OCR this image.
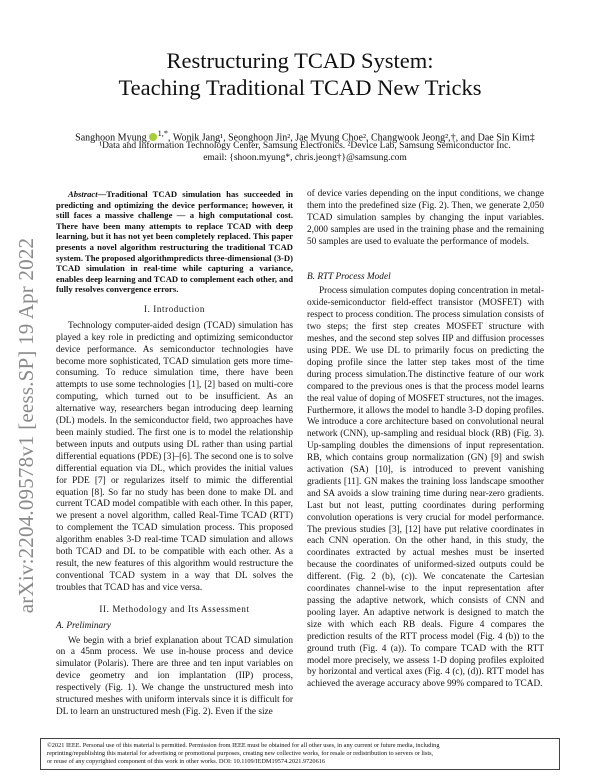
arXiv:2204.09578v1 [eess.SP] 19 Apr 2022
Restructuring TCAD System:
Teaching Traditional TCAD New Tricks
Sanghoon Myung $^{1,*}$, Wonik Jang¹, Seonghoon Jin², Jae Myung Choe², Changwook Jeong²,†, and Dae Sin Kim‡
¹Data and Information Technology Center, Samsung Electronics. ²Device Lab, Samsung Semiconductor Inc.
email: {shoon.myung*, chris.jeong†}@samsung.com

Abstract—Traditional TCAD simulation has succeeded in predicting and optimizing the device performance; however, it still faces a massive challenge — a high computational cost. There have been many attempts to replace TCAD with deep learning, but it has not yet been completely replaced. This paper presents a novel algorithm restructuring the traditional TCAD system. The proposed algorithmpredicts three-dimensional (3-D) TCAD simulation in real-time while capturing a variance, enables deep learning and TCAD to complement each other, and fully resolves convergence errors.

I. Introduction

Technology computer-aided design (TCAD) simulation has played a key role in predicting and optimizing semiconductor device performance. As semiconductor technologies have become more sophisticated, TCAD simulation gets more time-consuming. To reduce simulation time, there have been attempts to use some technologies [1], [2] based on multi-core computing, which turned out to be insufficient. As an alternative way, researchers began introducing deep learning (DL) models. In the semiconductor field, two approaches have been mainly studied. The first one is to model the relationship between inputs and outputs using DL rather than using partial differential equations (PDE) [3]–[6]. The second one is to solve differential equation via DL, which provides the initial values for PDE [7] or regularizes itself to mimic the differential equation [8]. So far no study has been done to make DL and current TCAD model compatible with each other. In this paper, we present a novel algorithm, called Real-Time TCAD (RTT) to complement the TCAD simulation process. This proposed algorithm enables 3-D real-time TCAD simulation and allows both TCAD and DL to be compatible with each other. As a result, the new features of this algorithm would restructure the conventional TCAD system in a way that DL solves the troubles that TCAD has and vice versa.

II. Methodology and Its Assessment
A. Preliminary

We begin with a brief explanation about TCAD simulation on a 45nm process. We use in-house process and device simulator (Polaris). There are three and ten input variables on device geometry and ion implantation (IIP) process, respectively (Fig. 1). We change the unstructured mesh into structured meshes with uniform intervals since it is difficult for DL to learn an unstructured mesh (Fig. 2). Even if the size

of device varies depending on the input conditions, we change them into the predefined size (Fig. 2). Then, we generate 2,050 TCAD simulation samples by changing the input variables. 2,000 samples are used in the training phase and the remaining 50 samples are used to evaluate the performance of models.

B. RTT Process Model

Process simulation computes doping concentration in metal-oxide-semiconductor field-effect transistor (MOSFET) with respect to process condition. The process simulation consists of two steps; the first step creates MOSFET structure with meshes, and the second step solves IIP and diffusion processes using PDE. We use DL to primarily focus on predicting the doping profile since the latter step takes most of the time during process simulation.The distinctive feature of our work compared to the previous ones is that the process model learns the real value of doping of MOSFET structures, not the images. Furthermore, it allows the model to handle 3-D doping profiles. We introduce a core architecture based on convolutional neural network (CNN), up-sampling and residual block (RB) (Fig. 3). Up-sampling doubles the dimensions of input representation. RB, which contains group normalization (GN) [9] and swish activation (SA) [10], is introduced to prevent vanishing gradients [11]. GN makes the training loss landscape smoother and SA avoids a slow training time during near-zero gradients. Last but not least, putting coordinates during performing convolution operations is very crucial for model performance. The previous studies [3], [12] have put relative coordinates in each CNN operation. On the other hand, in this study, the coordinates extracted by actual meshes must be inserted because the coordinates of uniformed-sized outputs could be different. (Fig. 2 (b), (c)). We concatenate the Cartesian coordinates channel-wise to the input representation after passing the adaptive network, which consists of CNN and pooling layer. An adaptive network is designed to match the size with which each RB deals. Figure 4 compares the prediction results of the RTT process model (Fig. 4 (b)) to the ground truth (Fig. 4 (a)). To compare TCAD with the RTT model more precisely, we assess 1-D doping profiles exploited by horizontal and vertical axes (Fig. 4 (c), (d)). RTT model has achieved the average accuracy above 99% compared to TCAD.

©2021 IEEE. Personal use of this material is permitted. Permission from IEEE must be obtained for all other uses, in any current or future media, including
reprinting/republishing this material for advertising or promotional purposes, creating new collective works, for resale or redistribution to servers or lists,
or reuse of any copyrighted component of this work in other works. DOI: 10.1109/IEDM19574.2021.9720616
